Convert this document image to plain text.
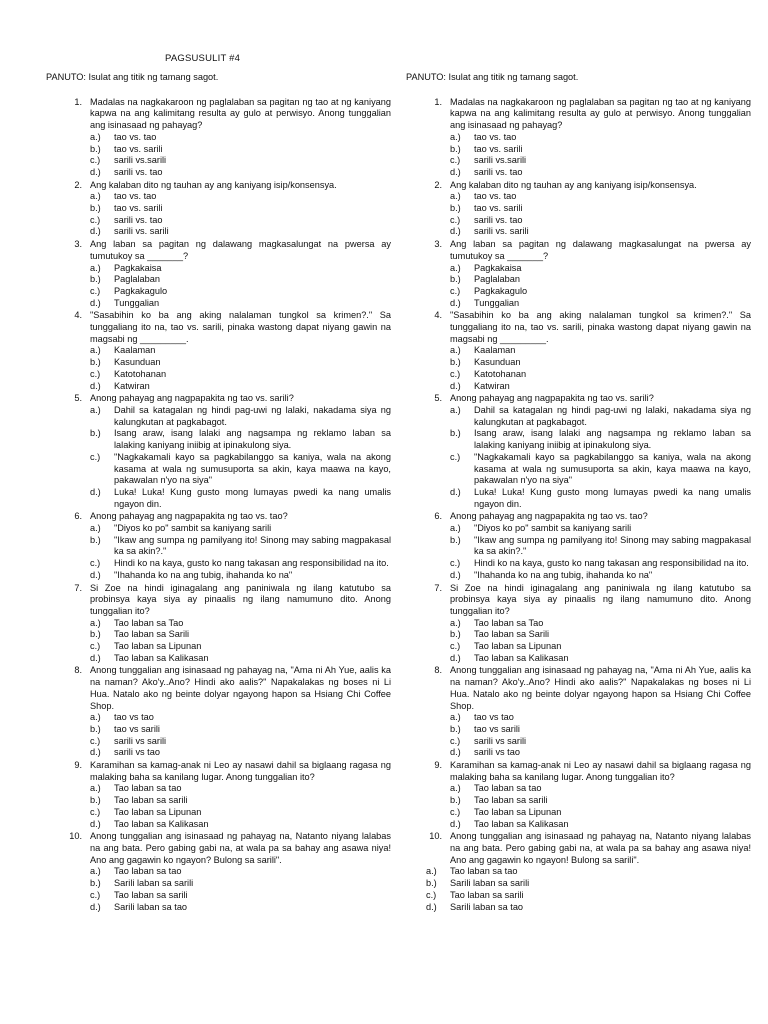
PAGSUSULIT #4
PANUTO: Isulat ang titik ng tamang sagot.
1. Madalas na nagkakaroon ng paglalaban sa pagitan ng tao at ng kaniyang kapwa na ang kalimitang resulta ay gulo at perwisyo. Anong tunggalian ang isinasaad ng pahayag?
a.)	tao vs. tao
b.)	tao vs. sarili
c.)	sarili vs.sarili
d.)	sarili vs. tao
2. Ang kalaban dito ng tauhan ay ang kaniyang isip/konsensya.
a.)	tao vs. tao
b.)	tao vs. sarili
c.)	sarili vs. tao
d.)	sarili vs. sarili
3. Ang laban sa pagitan ng dalawang magkasalungat na pwersa ay tumutukoy sa _______?
a.)	Pagkakaisa
b.)	Paglalaban
c.)	Pagkakagulo
d.)	Tunggalian
4. "Sasabihin ko ba ang aking nalalaman tungkol sa krimen?." Sa tunggaliang ito na, tao vs. sarili, pinaka wastong dapat niyang gawin na magsabi ng _________.
a.)	Kaalaman
b.)	Kasunduan
c.)	Katotohanan
d.)	Katwiran
5. Anong pahayag ang nagpapakita ng tao vs. sarili?
a.)	Dahil sa katagalan ng hindi pag-uwi ng lalaki, nakadama siya ng kalungkutan at pagkabagot.
b.)	Isang araw, isang lalaki ang nagsampa ng reklamo laban sa lalaking kaniyang iniibig at ipinakulong siya.
c.)	"Nagkakamali kayo sa pagkabilanggo sa kaniya, wala na akong kasama at wala ng sumusuporta sa akin, kaya maawa na kayo, pakawalan n'yo na siya"
d.)	Luka! Luka! Kung gusto mong lumayas pwedi ka nang umalis ngayon din.
6. Anong pahayag ang nagpapakita ng tao vs. tao?
a.)	"Diyos ko po" sambit sa kaniyang sarili
b.)	"Ikaw ang sumpa ng pamilyang ito! Sinong may sabing magpakasal ka sa akin?."
c.)	Hindi ko na kaya, gusto ko nang takasan ang responsibilidad na ito.
d.)	"Ihahanda ko na ang tubig, ihahanda ko na"
7. Si Zoe na hindi iginagalang ang paniniwala ng ilang katutubo sa probinsya kaya siya ay pinaalis ng ilang namumuno dito. Anong tunggalian ito?
a.)	Tao laban sa Tao
b.)	Tao laban sa Sarili
c.)	Tao laban sa Lipunan
d.)	Tao laban sa Kalikasan
8. Anong tunggalian ang isinasaad ng pahayag na, "Ama ni Ah Yue, aalis ka na naman? Ako'y..Ano? Hindi ako aalis?" Napakalakas ng boses ni Li Hua. Natalo ako ng beinte dolyar ngayong hapon sa Hsiang Chi Coffee Shop.
a.)	tao vs tao
b.)	tao vs sarili
c.)	sarili vs sarili
d.)	sarili vs tao
9. Karamihan sa kamag-anak ni Leo ay nasawi dahil sa biglaang ragasa ng malaking baha sa kanilang lugar. Anong tunggalian ito?
a.)	Tao laban sa tao
b.)	Tao laban sa sarili
c.)	Tao laban sa Lipunan
d.)	Tao laban sa Kalikasan
10. Anong tunggalian ang isinasaad ng pahayag na, Natanto niyang lalabas na ang bata. Pero gabing gabi na, at wala pa sa bahay ang asawa niya! Ano ang gagawin ko ngayon? Bulong sa sarili".
a.)	Tao laban sa tao
b.)	Sarili laban sa sarili
c.)	Tao laban sa sarili
d.)	Sarili laban sa tao
PANUTO: Isulat ang titik ng tamang sagot.
1. Madalas na nagkakaroon ng paglalaban sa pagitan ng tao at ng kaniyang kapwa na ang kalimitang resulta ay gulo at perwisyo. Anong tunggalian ang isinasaad ng pahayag?
a.)	tao vs. tao
b.)	tao vs. sarili
c.)	sarili vs.sarili
d.)	sarili vs. tao
2. Ang kalaban dito ng tauhan ay ang kaniyang isip/konsensya.
a.)	tao vs. tao
b.)	tao vs. sarili
c.)	sarili vs. tao
d.)	sarili vs. sarili
3. Ang laban sa pagitan ng dalawang magkasalungat na pwersa ay tumutukoy sa _______?
a.)	Pagkakaisa
b.)	Paglalaban
c.)	Pagkakagulo
d.)	Tunggalian
4. "Sasabihin ko ba ang aking nalalaman tungkol sa krimen?." Sa tunggaliang ito na, tao vs. sarili, pinaka wastong dapat niyang gawin na magsabi ng _________.
a.)	Kaalaman
b.)	Kasunduan
c.)	Katotohanan
d.)	Katwiran
5. Anong pahayag ang nagpapakita ng tao vs. sarili?
a.)	Dahil sa katagalan ng hindi pag-uwi ng lalaki, nakadama siya ng kalungkutan at pagkabagot.
b.)	Isang araw, isang lalaki ang nagsampa ng reklamo laban sa lalaking kaniyang iniibig at ipinakulong siya.
c.)	"Nagkakamali kayo sa pagkabilanggo sa kaniya, wala na akong kasama at wala ng sumusuporta sa akin, kaya maawa na kayo, pakawalan n'yo na siya"
d.)	Luka! Luka! Kung gusto mong lumayas pwedi ka nang umalis ngayon din.
6. Anong pahayag ang nagpapakita ng tao vs. tao?
a.)	"Diyos ko po" sambit sa kaniyang sarili
b.)	"Ikaw ang sumpa ng pamilyang ito! Sinong may sabing magpakasal ka sa akin?."
c.)	Hindi ko na kaya, gusto ko nang takasan ang responsibilidad na ito.
d.)	"Ihahanda ko na ang tubig, ihahanda ko na"
7. Si Zoe na hindi iginagalang ang paniniwala ng ilang katutubo sa probinsya kaya siya ay pinaalis ng ilang namumuno dito. Anong tunggalian ito?
a.)	Tao laban sa Tao
b.)	Tao laban sa Sarili
c.)	Tao laban sa Lipunan
d.)	Tao laban sa Kalikasan
8. Anong tunggalian ang isinasaad ng pahayag na, "Ama ni Ah Yue, aalis ka na naman? Ako'y..Ano? Hindi ako aalis?" Napakalakas ng boses ni Li Hua. Natalo ako ng beinte dolyar ngayong hapon sa Hsiang Chi Coffee Shop.
a.)	tao vs tao
b.)	tao vs sarili
c.)	sarili vs sarili
d.)	sarili vs tao
9. Karamihan sa kamag-anak ni Leo ay nasawi dahil sa biglaang ragasa ng malaking baha sa kanilang lugar. Anong tunggalian ito?
a.)	Tao laban sa tao
b.)	Tao laban sa sarili
c.)	Tao laban sa Lipunan
d.)	Tao laban sa Kalikasan
10. Anong tunggalian ang isinasaad ng pahayag na, Natanto niyang lalabas na ang bata. Pero gabing gabi na, at wala pa sa bahay ang asawa niya! Ano ang gagawin ko ngayon! Bulong sa sarili".
a.)	Tao laban sa tao
b.)	Sarili laban sa sarili
c.)	Tao laban sa sarili
d.)	Sarili laban sa tao
